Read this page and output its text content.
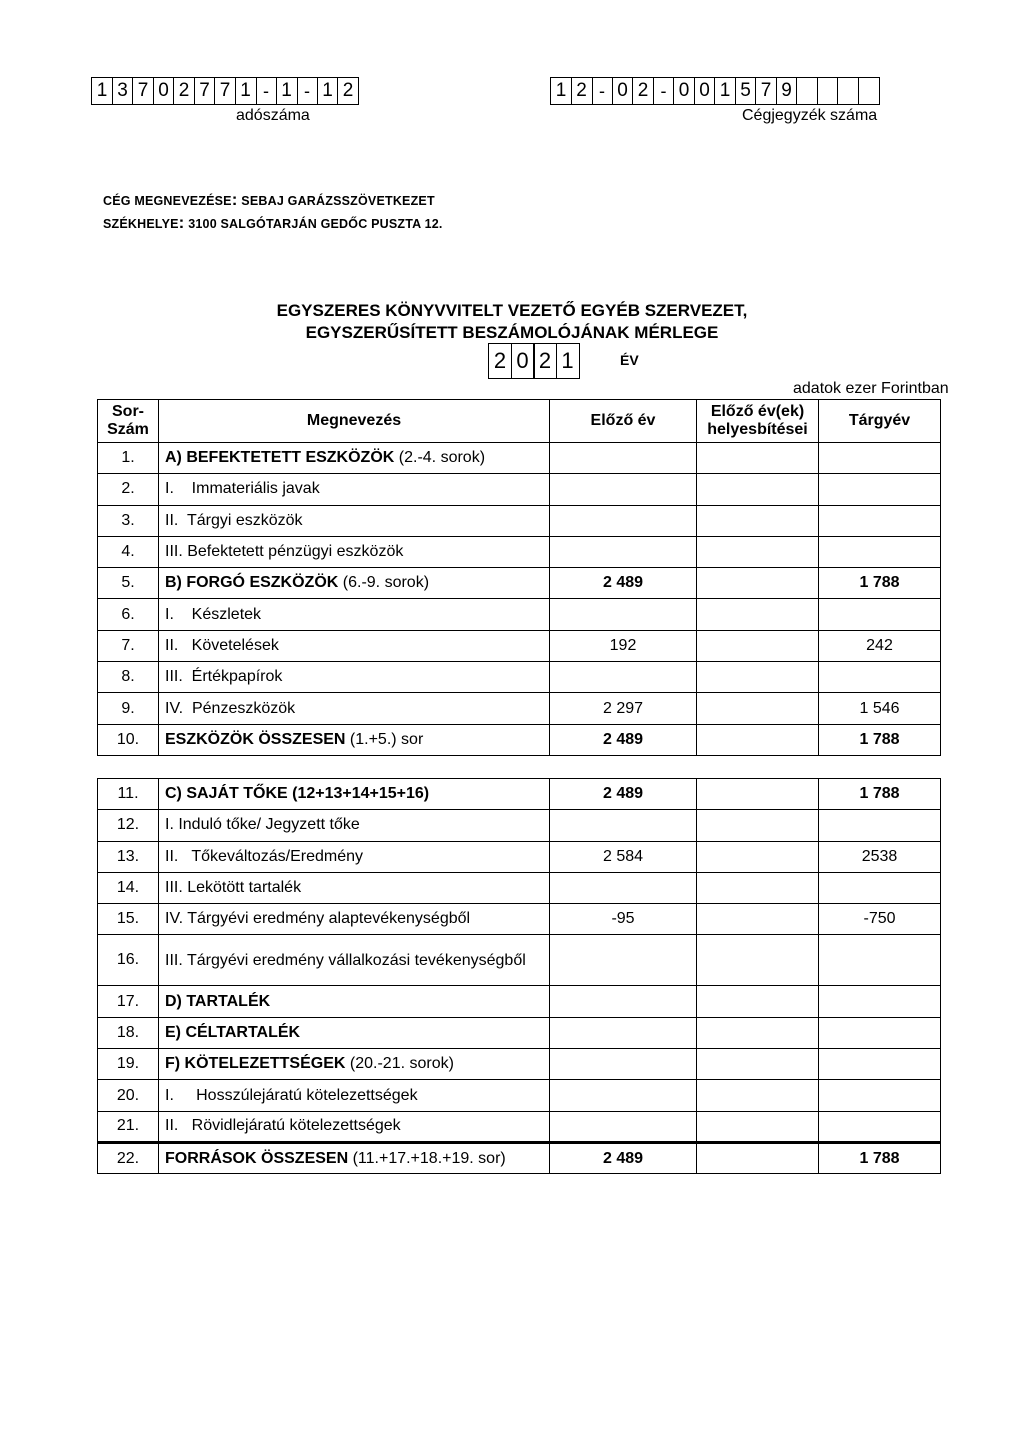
1 3 7 0 2 7 7 1 - 1 - 1 2
adószáma
1 2 - 0 2 - 0 0 1 5 7 9
Cégjegyzék száma
CÉG MEGNEVEZÉSE: SEBAJ GARÁZSSZÖVETKEZET
SZÉKHELYE: 3100 SALGÓTARJÁN GEDŐC PUSZTA 12.
EGYSZERES KÖNYVVITELT VEZETŐ EGYÉB SZERVEZET,
EGYSZERŰSÍTETT BESZÁMOLÓJÁNAK MÉRLEGE
2 0 2 1	ÉV
adatok ezer Forintban
Sor-
Szám	Megnevezés	Előző év	Előző év(ek)
helyesbítései	Tárgyév
1.	A) BEFEKTETETT ESZKÖZÖK (2.-4. sorok)			
2.	I.    Immateriális javak			
3.	II.  Tárgyi eszközök			
4.	III. Befektetett pénzügyi eszközök			
5.	B) FORGÓ ESZKÖZÖK (6.-9. sorok)	2 489		1 788
6.	I.    Készletek			
7.	II.   Követelések	192		242
8.	III.  Értékpapírok			
9.	IV.  Pénzeszközök	2 297		1 546
10.	ESZKÖZÖK ÖSSZESEN (1.+5.) sor	2 489		1 788
11.	C) SAJÁT TŐKE (12+13+14+15+16)	2 489		1 788
12.	I. Induló tőke/ Jegyzett tőke			
13.	II.   Tőkeváltozás/Eredmény	2 584		2538
14.	III. Lekötött tartalék			
15.	IV. Tárgyévi eredmény alaptevékenységből	-95		-750
16.	III. Tárgyévi eredmény vállalkozási tevékenységből			
17.	D) TARTALÉK			
18.	E) CÉLTARTALÉK			
19.	F) KÖTELEZETTSÉGEK (20.-21. sorok)			
20.	I.     Hosszúlejáratú kötelezettségek			
21.	II.   Rövidlejáratú kötelezettségek			
22.	FORRÁSOK ÖSSZESEN (11.+17.+18.+19. sor)	2 489		1 788
